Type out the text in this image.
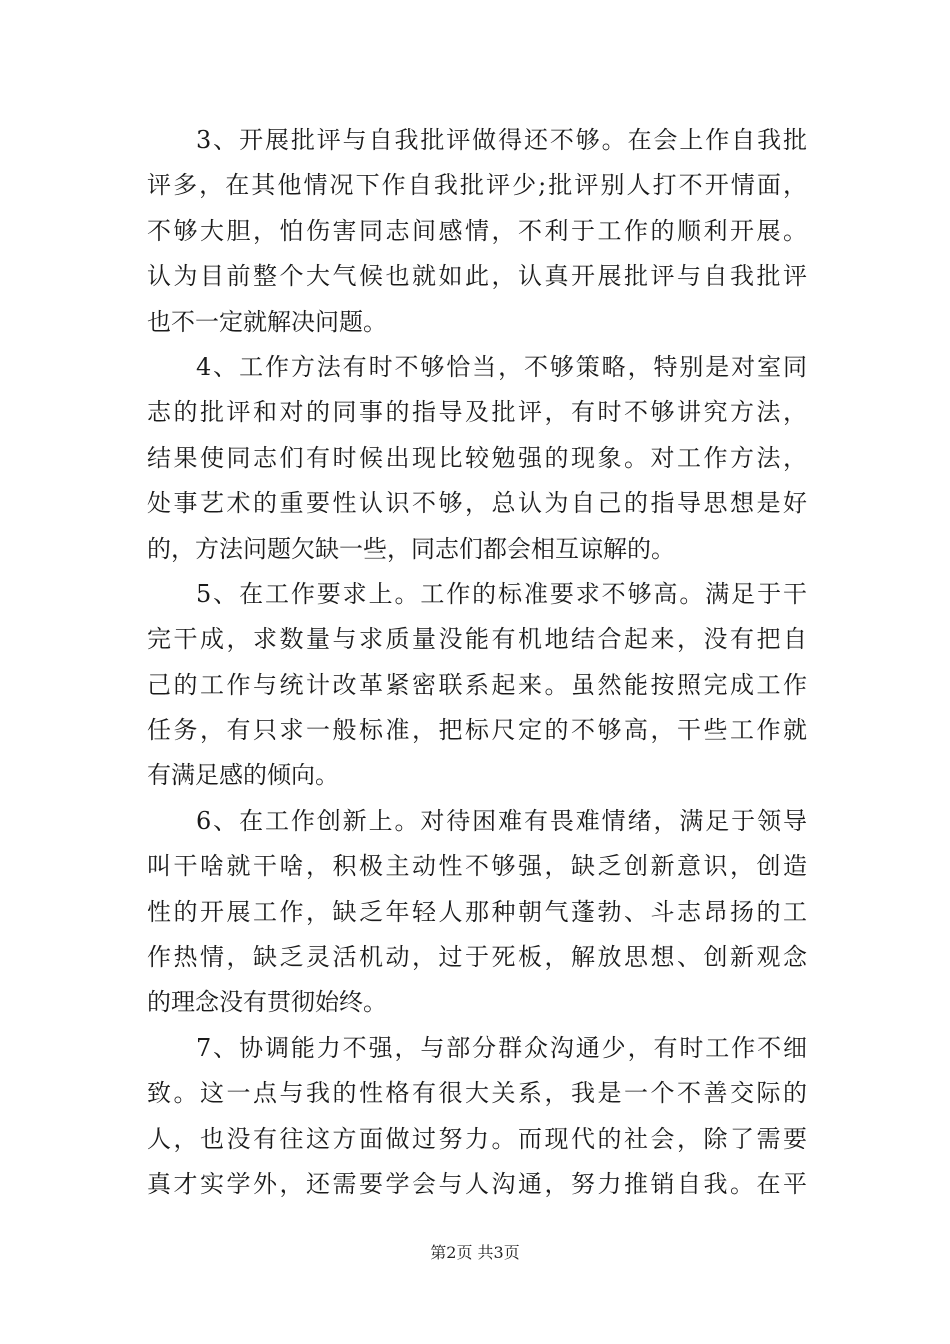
3、开展批评与自我批评做得还不够。在会上作自我批
评多，在其他情况下作自我批评少;批评别人打不开情面，
不够大胆，怕伤害同志间感情，不利于工作的顺利开展。
认为目前整个大气候也就如此，认真开展批评与自我批评
也不一定就解决问题。
4、工作方法有时不够恰当，不够策略，特别是对室同
志的批评和对的同事的指导及批评，有时不够讲究方法，
结果使同志们有时候出现比较勉强的现象。对工作方法，
处事艺术的重要性认识不够，总认为自己的指导思想是好
的，方法问题欠缺一些，同志们都会相互谅解的。
5、在工作要求上。工作的标准要求不够高。满足于干
完干成，求数量与求质量没能有机地结合起来，没有把自
己的工作与统计改革紧密联系起来。虽然能按照完成工作
任务，有只求一般标准，把标尺定的不够高，干些工作就
有满足感的倾向。
6、在工作创新上。对待困难有畏难情绪，满足于领导
叫干啥就干啥，积极主动性不够强，缺乏创新意识，创造
性的开展工作，缺乏年轻人那种朝气蓬勃、斗志昂扬的工
作热情，缺乏灵活机动，过于死板，解放思想、创新观念
的理念没有贯彻始终。
7、协调能力不强，与部分群众沟通少，有时工作不细
致。这一点与我的性格有很大关系，我是一个不善交际的
人，也没有往这方面做过努力。而现代的社会，除了需要
真才实学外，还需要学会与人沟通，努力推销自我。在平
第2页 共3页
